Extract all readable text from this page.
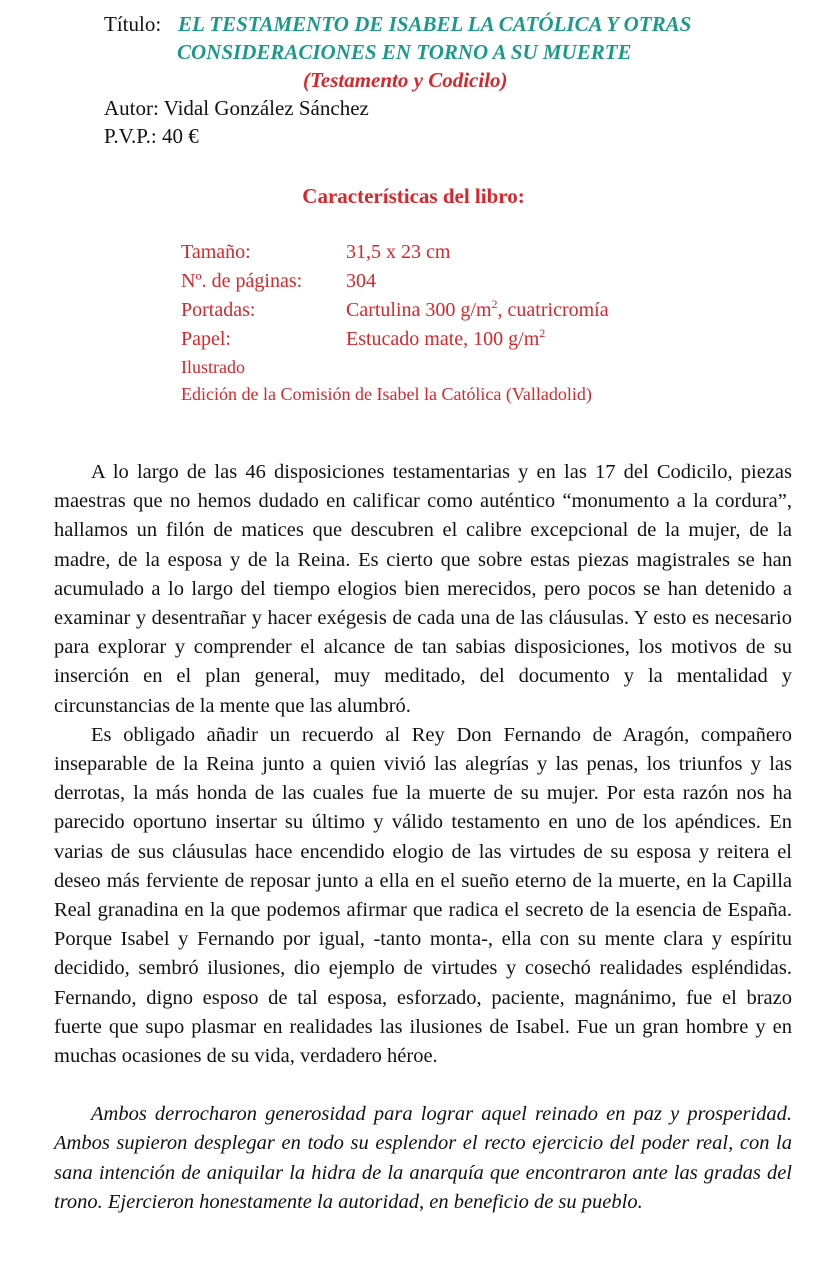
Título: EL TESTAMENTO DE ISABEL LA CATÓLICA Y OTRAS
CONSIDERACIONES EN TORNO A SU MUERTE
(Testamento y Codicilo)
Autor: Vidal González Sánchez
P.V.P.: 40 €
Características del libro:
Tamaño:	31,5 x 23 cm
Nº. de páginas: 304
Portadas:	Cartulina 300 $g/m^2$, cuatricromía
Papel:	Estucado mate, 100 $g/m^2$
Ilustrado
Edición de la Comisión de Isabel la Católica (Valladolid)

A lo largo de las 46 disposiciones testamentarias y en las 17 del Codicilo, piezas maestras que no hemos dudado en calificar como auténtico “monumento a la cordura”, hallamos un filón de matices que descubren el calibre excepcional de la mujer, de la madre, de la esposa y de la Reina. Es cierto que sobre estas piezas magistrales se han acumulado a lo largo del tiempo elogios bien merecidos, pero pocos se han detenido a examinar y desentrañar y hacer exégesis de cada una de las cláusulas. Y esto es necesario para explorar y comprender el alcance de tan sabias disposiciones, los motivos de su inserción en el plan general, muy meditado, del documento y la mentalidad y circunstancias de la mente que las alumbró.

Es obligado añadir un recuerdo al Rey Don Fernando de Aragón, compañero inseparable de la Reina junto a quien vivió las alegrías y las penas, los triunfos y las derrotas, la más honda de las cuales fue la muerte de su mujer. Por esta razón nos ha parecido oportuno insertar su último y válido testamento en uno de los apéndices. En varias de sus cláusulas hace encendido elogio de las virtudes de su esposa y reitera el deseo más ferviente de reposar junto a ella en el sueño eterno de la muerte, en la Capilla Real granadina en la que podemos afirmar que radica el secreto de la esencia de España. Porque Isabel y Fernando por igual, -tanto monta-, ella con su mente clara y espíritu decidido, sembró ilusiones, dio ejemplo de virtudes y cosechó realidades espléndidas. Fernando, digno esposo de tal esposa, esforzado, paciente, magnánimo, fue el brazo fuerte que supo plasmar en realidades las ilusiones de Isabel. Fue un gran hombre y en muchas ocasiones de su vida, verdadero héroe.

Ambos derrocharon generosidad para lograr aquel reinado en paz y prosperidad. Ambos supieron desplegar en todo su esplendor el recto ejercicio del poder real, con la sana intención de aniquilar la hidra de la anarquía que encontraron ante las gradas del trono. Ejercieron honestamente la autoridad, en beneficio de su pueblo.
